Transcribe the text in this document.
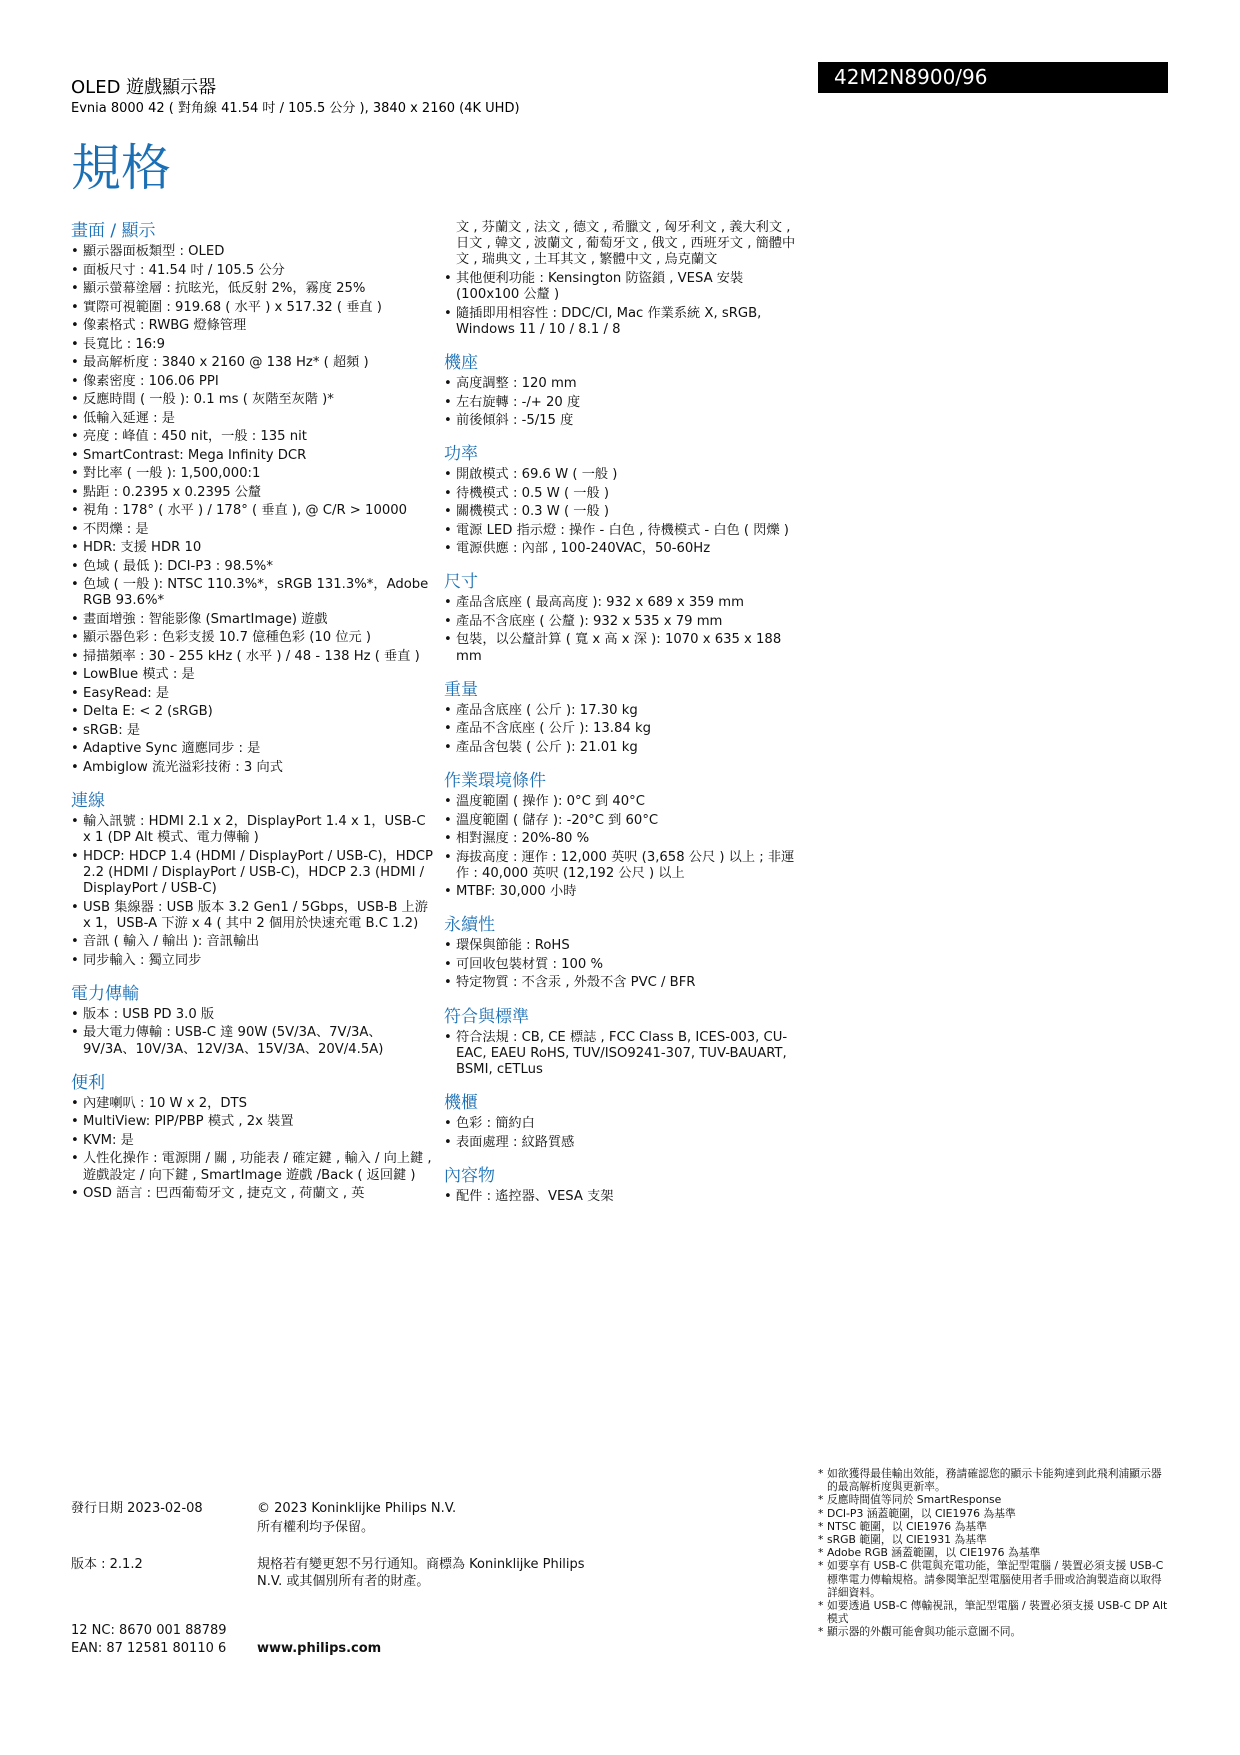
OLED 遊戲顯示器
Evnia 8000 42 ( 對角線 41.54 吋 / 105.5 公分 ), 3840 x 2160 (4K UHD)
42M2N8900/96
規格
畫面 / 顯示
• 顯示器面板類型 : OLED
• 面板尺寸 : 41.54 吋 / 105.5 公分
• 顯示螢幕塗層 : 抗眩光，低反射 2%，霧度 25%
• 實際可視範圍 : 919.68 ( 水平 ) x 517.32 ( 垂直 )
• 像素格式 : RWBG 燈條管理
• 長寬比 : 16:9
• 最高解析度 : 3840 x 2160 @ 138 Hz* ( 超頻 )
• 像素密度 : 106.06 PPI
• 反應時間 ( 一般 ): 0.1 ms ( 灰階至灰階 )*
• 低輸入延遲 : 是
• 亮度 : 峰值 : 450 nit，一般 : 135 nit
• SmartContrast: Mega Infinity DCR
• 對比率 ( 一般 ): 1,500,000:1
• 點距 : 0.2395 x 0.2395 公釐
• 視角 : 178° ( 水平 ) / 178° ( 垂直 ), @ C/R > 10000
• 不閃爍 : 是
• HDR: 支援 HDR 10
• 色域 ( 最低 ): DCI-P3 : 98.5%*
• 色域 ( 一般 ): NTSC 110.3%*，sRGB 131.3%*，Adobe RGB 93.6%*
• 畫面增強 : 智能影像 (SmartImage) 遊戲
• 顯示器色彩 : 色彩支援 10.7 億種色彩 (10 位元 )
• 掃描頻率 : 30 - 255 kHz ( 水平 ) / 48 - 138 Hz ( 垂直 )
• LowBlue 模式 : 是
• EasyRead: 是
• Delta E: < 2 (sRGB)
• sRGB: 是
• Adaptive Sync 適應同步 : 是
• Ambiglow 流光溢彩技術 : 3 向式
連線
• 輸入訊號 : HDMI 2.1 x 2，DisplayPort 1.4 x 1，USB-C x 1 (DP Alt 模式、電力傳輸 )
• HDCP: HDCP 1.4 (HDMI / DisplayPort / USB-C)，HDCP 2.2 (HDMI / DisplayPort / USB-C)，HDCP 2.3 (HDMI / DisplayPort / USB-C)
• USB 集線器 : USB 版本 3.2 Gen1 / 5Gbps，USB-B 上游 x 1，USB-A 下游 x 4 ( 其中 2 個用於快速充電 B.C 1.2)
• 音訊 ( 輸入 / 輸出 ): 音訊輸出
• 同步輸入 : 獨立同步
電力傳輸
• 版本 : USB PD 3.0 版
• 最大電力傳輸 : USB-C 達 90W (5V/3A、7V/3A、9V/3A、10V/3A、12V/3A、15V/3A、20V/4.5A)
便利
• 內建喇叭 : 10 W x 2，DTS
• MultiView: PIP/PBP 模式 , 2x 裝置
• KVM: 是
• 人性化操作 : 電源開 / 關 , 功能表 / 確定鍵 , 輸入 / 向上鍵 , 遊戲設定 / 向下鍵 , SmartImage 遊戲 /Back ( 返回鍵 )
• OSD 語言 : 巴西葡萄牙文 , 捷克文 , 荷蘭文 , 英
文 , 芬蘭文 , 法文 , 德文 , 希臘文 , 匈牙利文 , 義大利文 , 日文 , 韓文 , 波蘭文 , 葡萄牙文 , 俄文 , 西班牙文 , 簡體中文 , 瑞典文 , 土耳其文 , 繁體中文 , 烏克蘭文
• 其他便利功能 : Kensington 防盜鎖 , VESA 安裝 (100x100 公釐 )
• 隨插即用相容性 : DDC/CI, Mac 作業系統 X, sRGB, Windows 11 / 10 / 8.1 / 8
機座
• 高度調整 : 120 mm
• 左右旋轉 : -/+ 20 度
• 前後傾斜 : -5/15 度
功率
• 開啟模式 : 69.6 W ( 一般 )
• 待機模式 : 0.5 W ( 一般 )
• 關機模式 : 0.3 W ( 一般 )
• 電源 LED 指示燈 : 操作 - 白色 , 待機模式 - 白色 ( 閃爍 )
• 電源供應 : 內部 , 100-240VAC，50-60Hz
尺寸
• 產品含底座 ( 最高高度 ): 932 x 689 x 359 mm
• 產品不含底座 ( 公釐 ): 932 x 535 x 79 mm
• 包裝，以公釐計算 ( 寬 x 高 x 深 ): 1070 x 635 x 188 mm
重量
• 產品含底座 ( 公斤 ): 17.30 kg
• 產品不含底座 ( 公斤 ): 13.84 kg
• 產品含包裝 ( 公斤 ): 21.01 kg
作業環境條件
• 溫度範圍 ( 操作 ): 0°C 到 40°C
• 溫度範圍 ( 儲存 ): -20°C 到 60°C
• 相對濕度 : 20%-80 %
• 海拔高度 : 運作 : 12,000 英呎 (3,658 公尺 ) 以上 ; 非運作 : 40,000 英呎 (12,192 公尺 ) 以上
• MTBF: 30,000 小時
永續性
• 環保與節能 : RoHS
• 可回收包裝材質 : 100 %
• 特定物質 : 不含汞 , 外殼不含 PVC / BFR
符合與標準
• 符合法規 : CB, CE 標誌 , FCC Class B, ICES-003, CU-EAC, EAEU RoHS, TUV/ISO9241-307, TUV-BAUART, BSMI, cETLus
機櫃
• 色彩 : 簡約白
• 表面處理 : 紋路質感
內容物
• 配件 : 遙控器、VESA 支架
發行日期 2023-02-08
版本 : 2.1.2
12 NC: 8670 001 88789
EAN: 87 12581 80110 6
© 2023 Koninklijke Philips N.V.
所有權利均予保留。
規格若有變更恕不另行通知。商標為 Koninklijke Philips N.V. 或其個別所有者的財產。
www.philips.com
* 如欲獲得最佳輸出效能，務請確認您的顯示卡能夠達到此飛利浦顯示器的最高解析度與更新率。
* 反應時間值等同於 SmartResponse
* DCI-P3 涵蓋範圍，以 CIE1976 為基準
* NTSC 範圍，以 CIE1976 為基準
* sRGB 範圍，以 CIE1931 為基準
* Adobe RGB 涵蓋範圍，以 CIE1976 為基準
* 如要享有 USB-C 供電與充電功能，筆記型電腦 / 裝置必須支援 USB-C 標準電力傳輸規格。請參閱筆記型電腦使用者手冊或洽詢製造商以取得詳細資料。
* 如要透過 USB-C 傳輸視訊，筆記型電腦 / 裝置必須支援 USB-C DP Alt 模式
* 顯示器的外觀可能會與功能示意圖不同。
